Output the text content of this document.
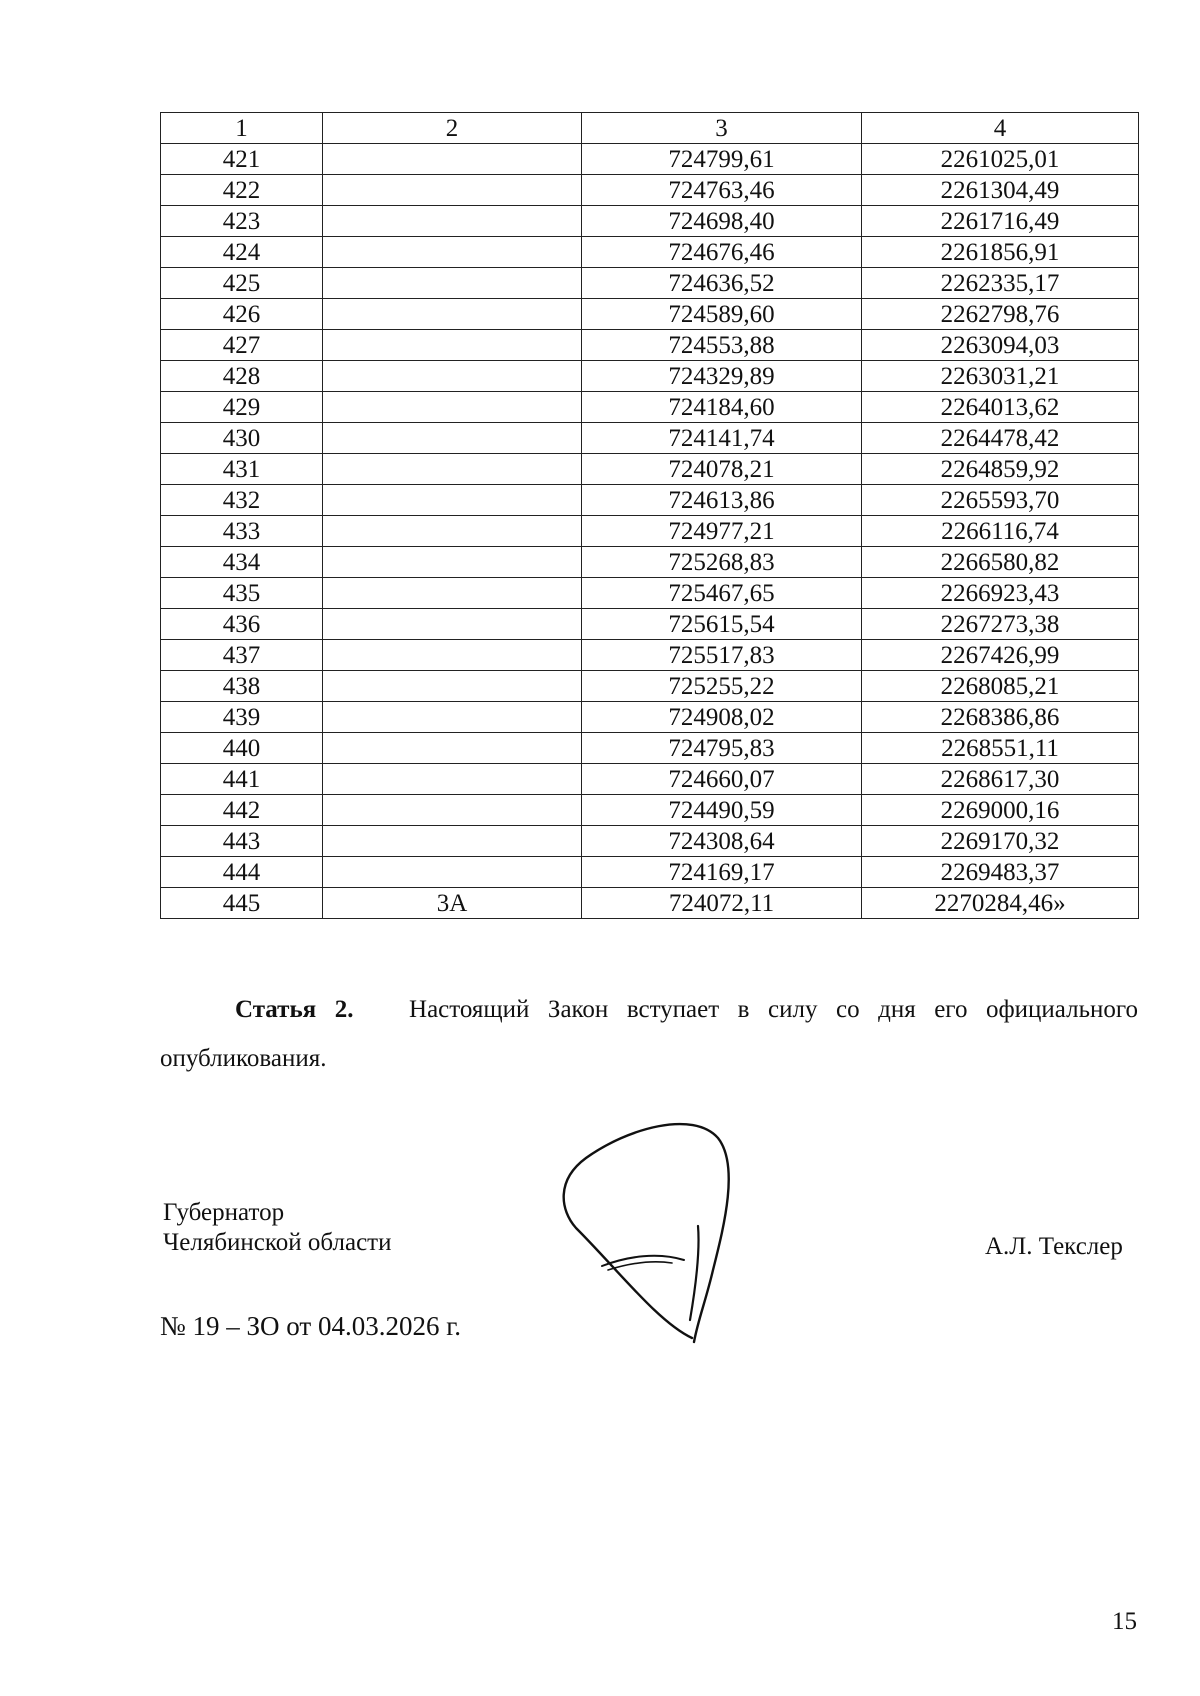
1	2	3	4
421		724799,61	2261025,01
422		724763,46	2261304,49
423		724698,40	2261716,49
424		724676,46	2261856,91
425		724636,52	2262335,17
426		724589,60	2262798,76
427		724553,88	2263094,03
428		724329,89	2263031,21
429		724184,60	2264013,62
430		724141,74	2264478,42
431		724078,21	2264859,92
432		724613,86	2265593,70
433		724977,21	2266116,74
434		725268,83	2266580,82
435		725467,65	2266923,43
436		725615,54	2267273,38
437		725517,83	2267426,99
438		725255,22	2268085,21
439		724908,02	2268386,86
440		724795,83	2268551,11
441		724660,07	2268617,30
442		724490,59	2269000,16
443		724308,64	2269170,32
444		724169,17	2269483,37
445	3А	724072,11	2270284,46»
Статья 2. Настоящий Закон вступает в силу со дня его официального опубликования.
Губернатор
Челябинской области	А.Л. Текслер
№ 19 – ЗО от 04.03.2026 г.
15
